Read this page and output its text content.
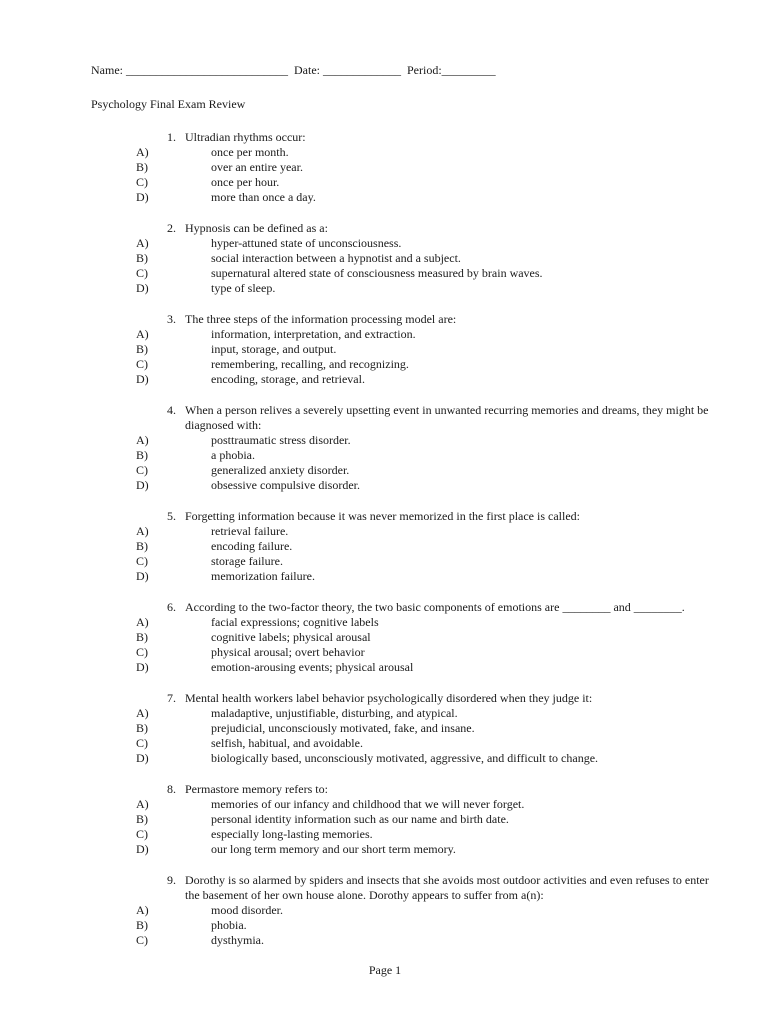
Name: ___________________________ Date: _____________ Period:_________
Psychology Final Exam Review
1. Ultradian rhythms occur:
A)	once per month.
B)	over an entire year.
C)	once per hour.
D)	more than once a day.
2. Hypnosis can be defined as a:
A)	hyper-attuned state of unconsciousness.
B)	social interaction between a hypnotist and a subject.
C)	supernatural altered state of consciousness measured by brain waves.
D)	type of sleep.
3. The three steps of the information processing model are:
A)	information, interpretation, and extraction.
B)	input, storage, and output.
C)	remembering, recalling, and recognizing.
D)	encoding, storage, and retrieval.
4. When a person relives a severely upsetting event in unwanted recurring memories and dreams, they might be diagnosed with:
A)	posttraumatic stress disorder.
B)	a phobia.
C)	generalized anxiety disorder.
D)	obsessive compulsive disorder.
5. Forgetting information because it was never memorized in the first place is called:
A)	retrieval failure.
B)	encoding failure.
C)	storage failure.
D)	memorization failure.
6. According to the two-factor theory, the two basic components of emotions are ________ and ________.
A)	facial expressions; cognitive labels
B)	cognitive labels; physical arousal
C)	physical arousal; overt behavior
D)	emotion-arousing events; physical arousal
7. Mental health workers label behavior psychologically disordered when they judge it:
A)	maladaptive, unjustifiable, disturbing, and atypical.
B)	prejudicial, unconsciously motivated, fake, and insane.
C)	selfish, habitual, and avoidable.
D)	biologically based, unconsciously motivated, aggressive, and difficult to change.
8. Permastore memory refers to:
A)	memories of our infancy and childhood that we will never forget.
B)	personal identity information such as our name and birth date.
C)	especially long-lasting memories.
D)	our long term memory and our short term memory.
9. Dorothy is so alarmed by spiders and insects that she avoids most outdoor activities and even refuses to enter the basement of her own house alone. Dorothy appears to suffer from a(n):
A)	mood disorder.
B)	phobia.
C)	dysthymia.
Page 1
